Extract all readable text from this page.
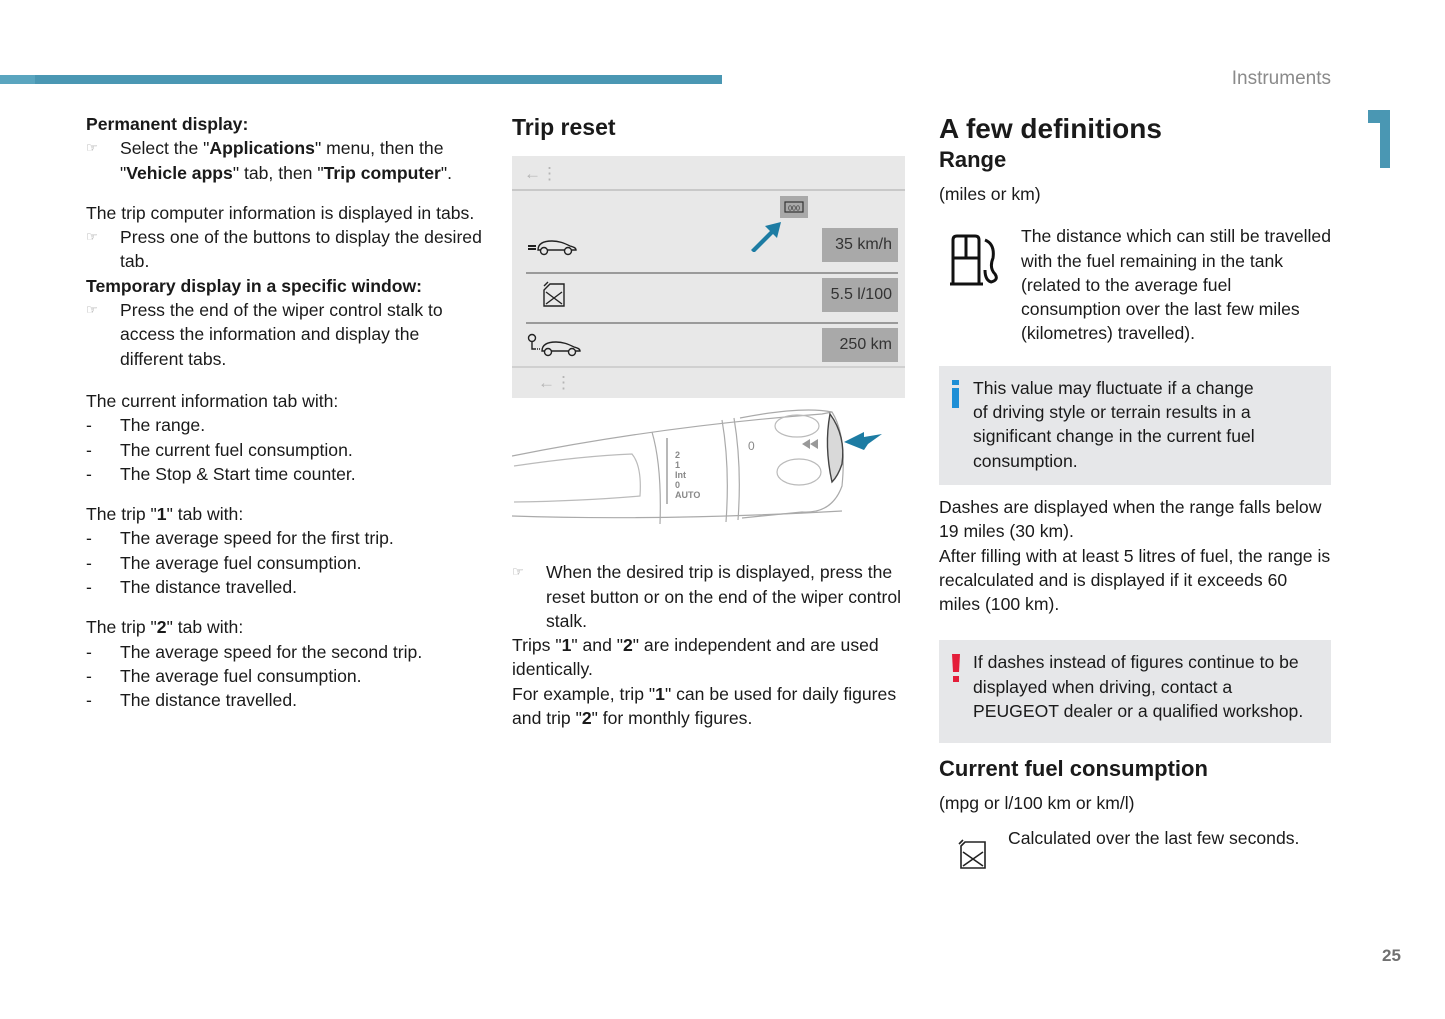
Instruments
25

Permanent display:

☞ Select the "Applications" menu, then the "Vehicle apps" tab, then "Trip computer".

The trip computer information is displayed in tabs.

☞ Press one of the buttons to display the desired tab.

Temporary display in a specific window:

☞ Press the end of the wiper control stalk to access the information and display the different tabs.

The current information tab with:

- The range.
- The current fuel consumption.
- The Stop & Start time counter.

The trip "1" tab with:

- The average speed for the first trip.
- The average fuel consumption.
- The distance travelled.

The trip "2" tab with:

- The average speed for the second trip.
- The average fuel consumption.
- The distance travelled.
Trip reset
←⋮
000
35 km/h
5.5 l/100
250 km
←⋮
2
1
Int
0
AUTO
0
☞ When the desired trip is displayed, press the reset button or on the end of the wiper control stalk.

Trips "1" and "2" are independent and are used identically.

For example, trip "1" can be used for daily figures and trip "2" for monthly figures.

A few definitions
Range

(miles or km)

The distance which can still be travelled with the fuel remaining in the tank (related to the average fuel consumption over the last few miles (kilometres) travelled).

This value may fluctuate if a change of driving style or terrain results in a significant change in the current fuel consumption.

Dashes are displayed when the range falls below 19 miles (30 km).

After filling with at least 5 litres of fuel, the range is recalculated and is displayed if it exceeds 60 miles (100 km).

If dashes instead of figures continue to be displayed when driving, contact a PEUGEOT dealer or a qualified workshop.

Current fuel consumption

(mpg or l/100 km or km/l)

Calculated over the last few seconds.
